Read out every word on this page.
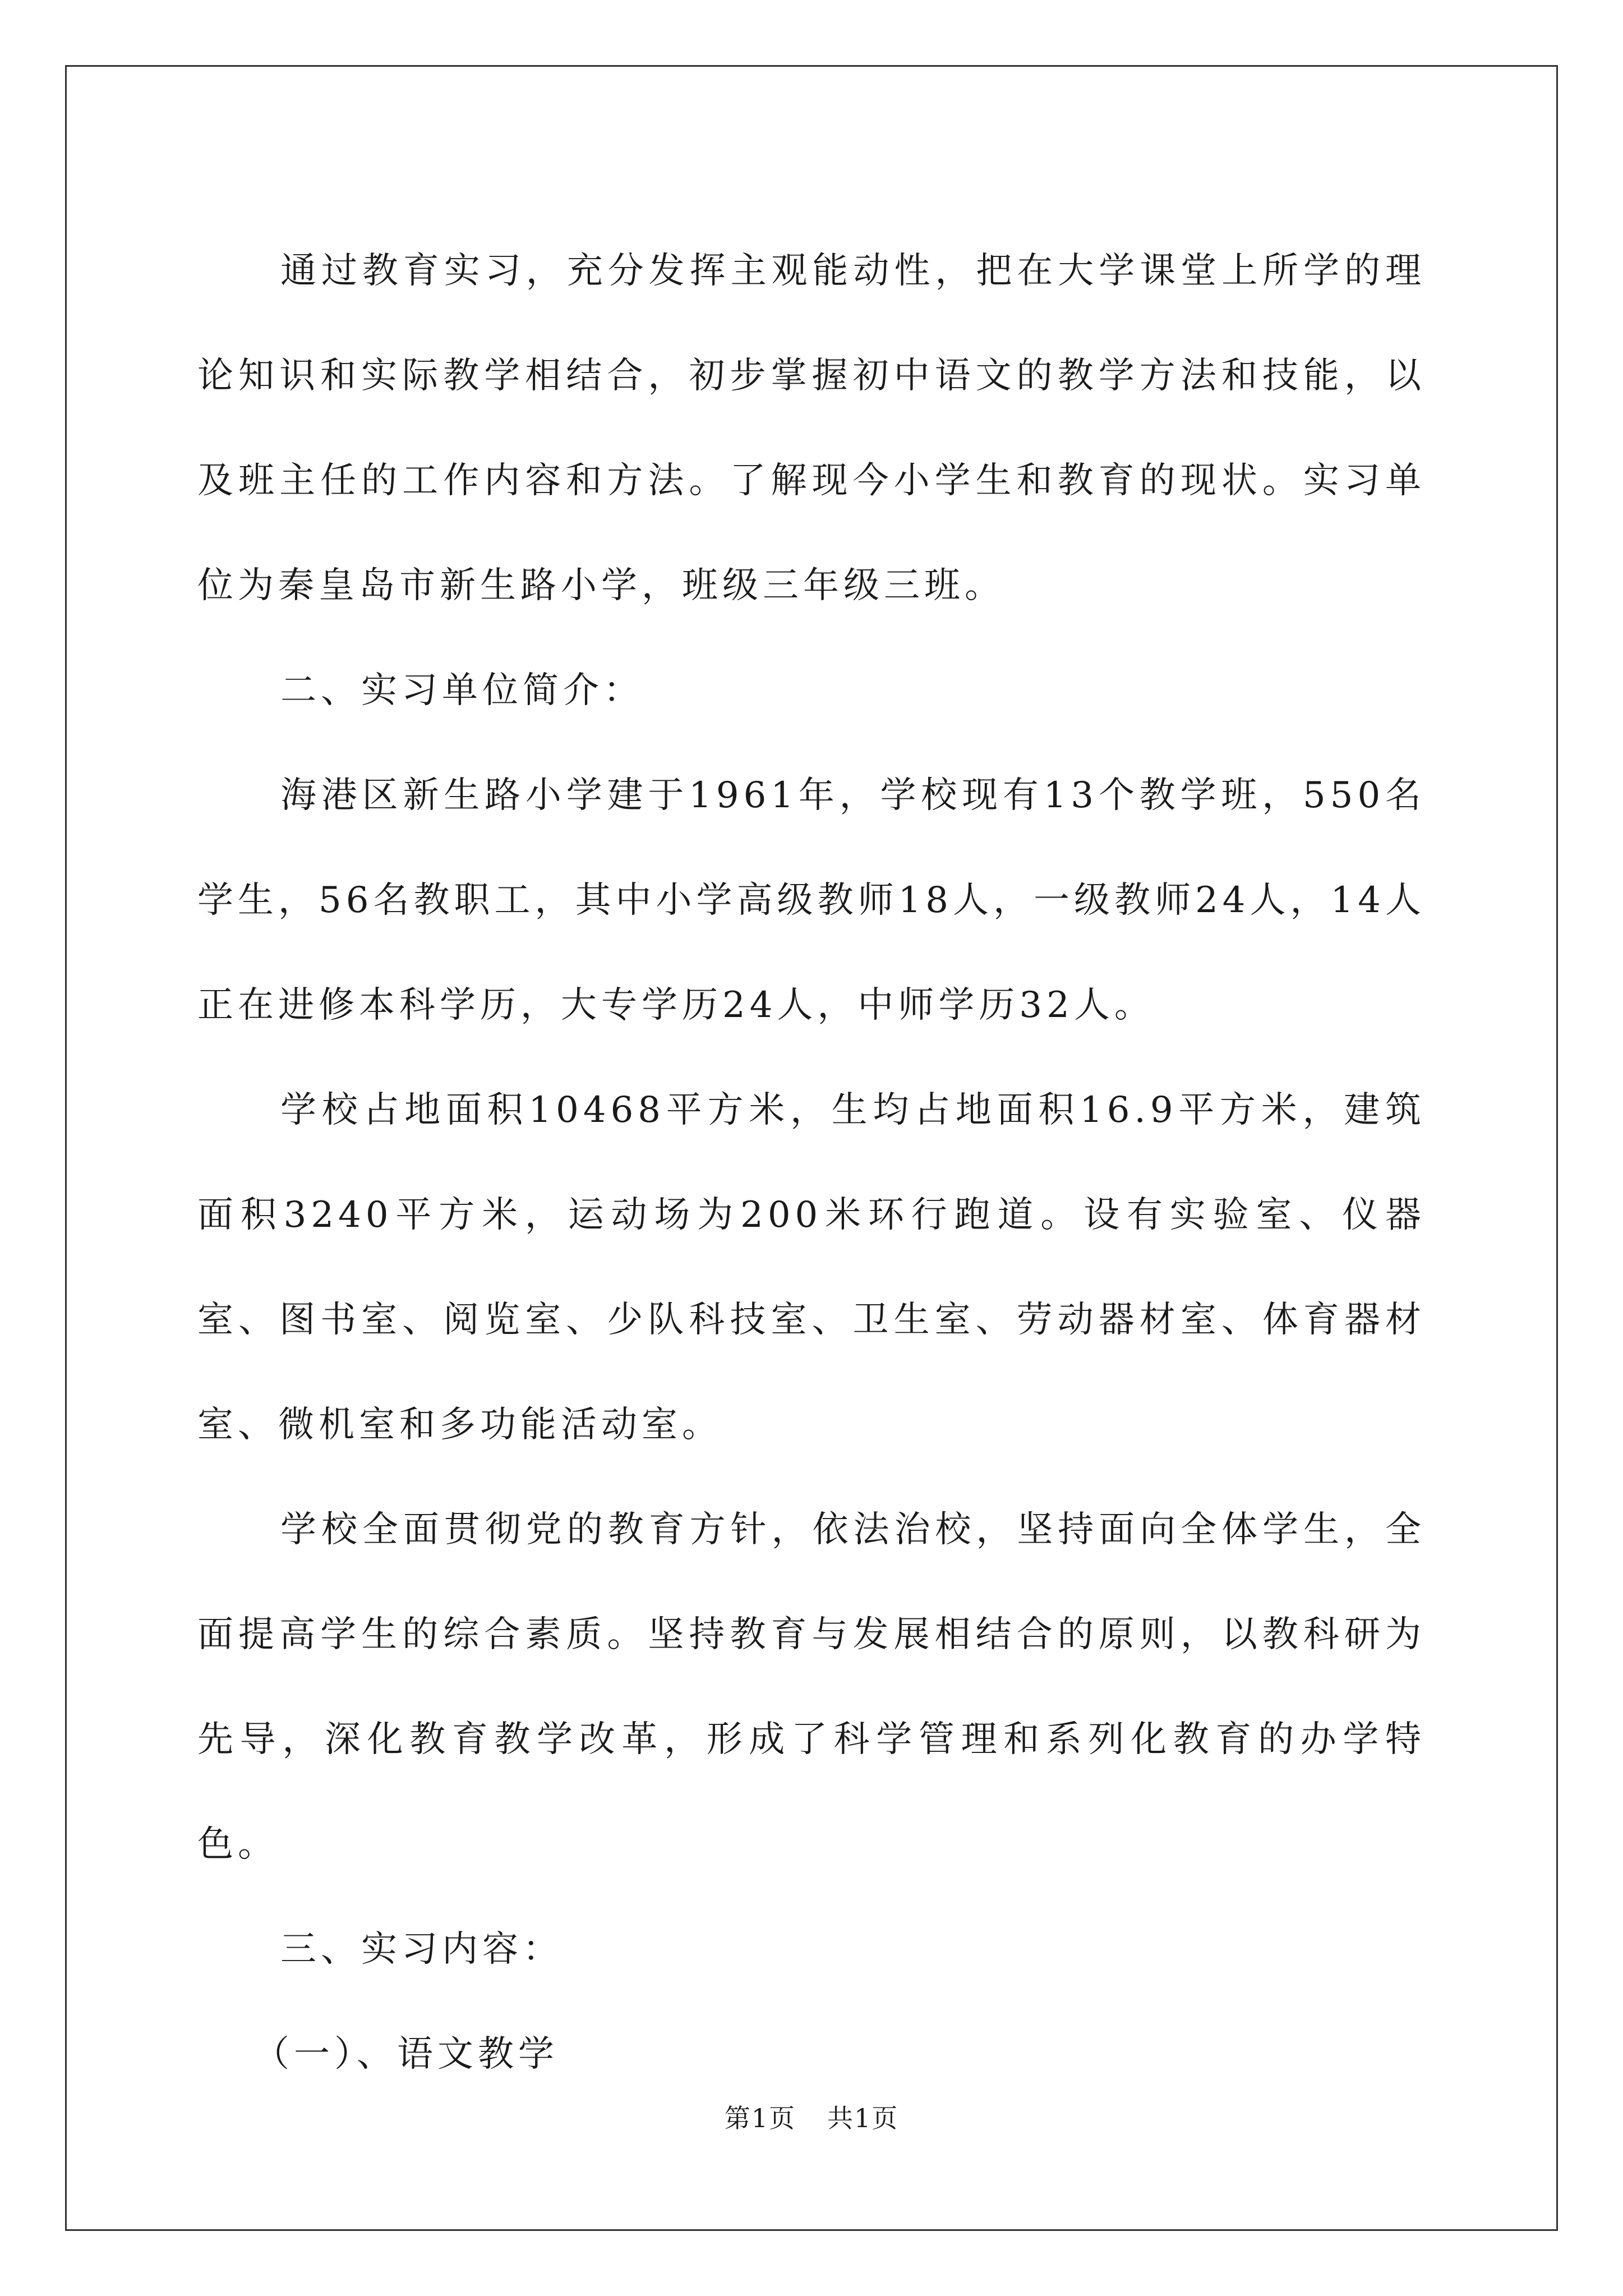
通过教育实习，充分发挥主观能动性，把在大学课堂上所学的理论知识和实际教学相结合，初步掌握初中语文的教学方法和技能，以及班主任的工作内容和方法。了解现今小学生和教育的现状。实习单位为秦皇岛市新生路小学，班级三年级三班。

二、实习单位简介：

海港区新生路小学建于1961年，学校现有13个教学班，550名学生，56名教职工，其中小学高级教师18人，一级教师24人，14人正在进修本科学历，大专学历24人，中师学历32人。

学校占地面积10468平方米，生均占地面积16.9平方米，建筑面积3240平方米，运动场为200米环行跑道。设有实验室、仪器室、图书室、阅览室、少队科技室、卫生室、劳动器材室、体育器材室、微机室和多功能活动室。

学校全面贯彻党的教育方针，依法治校，坚持面向全体学生，全面提高学生的综合素质。坚持教育与发展相结合的原则，以教科研为先导，深化教育教学改革，形成了科学管理和系列化教育的办学特色。

三、实习内容：

（一）、语文教学

第1页 共1页
